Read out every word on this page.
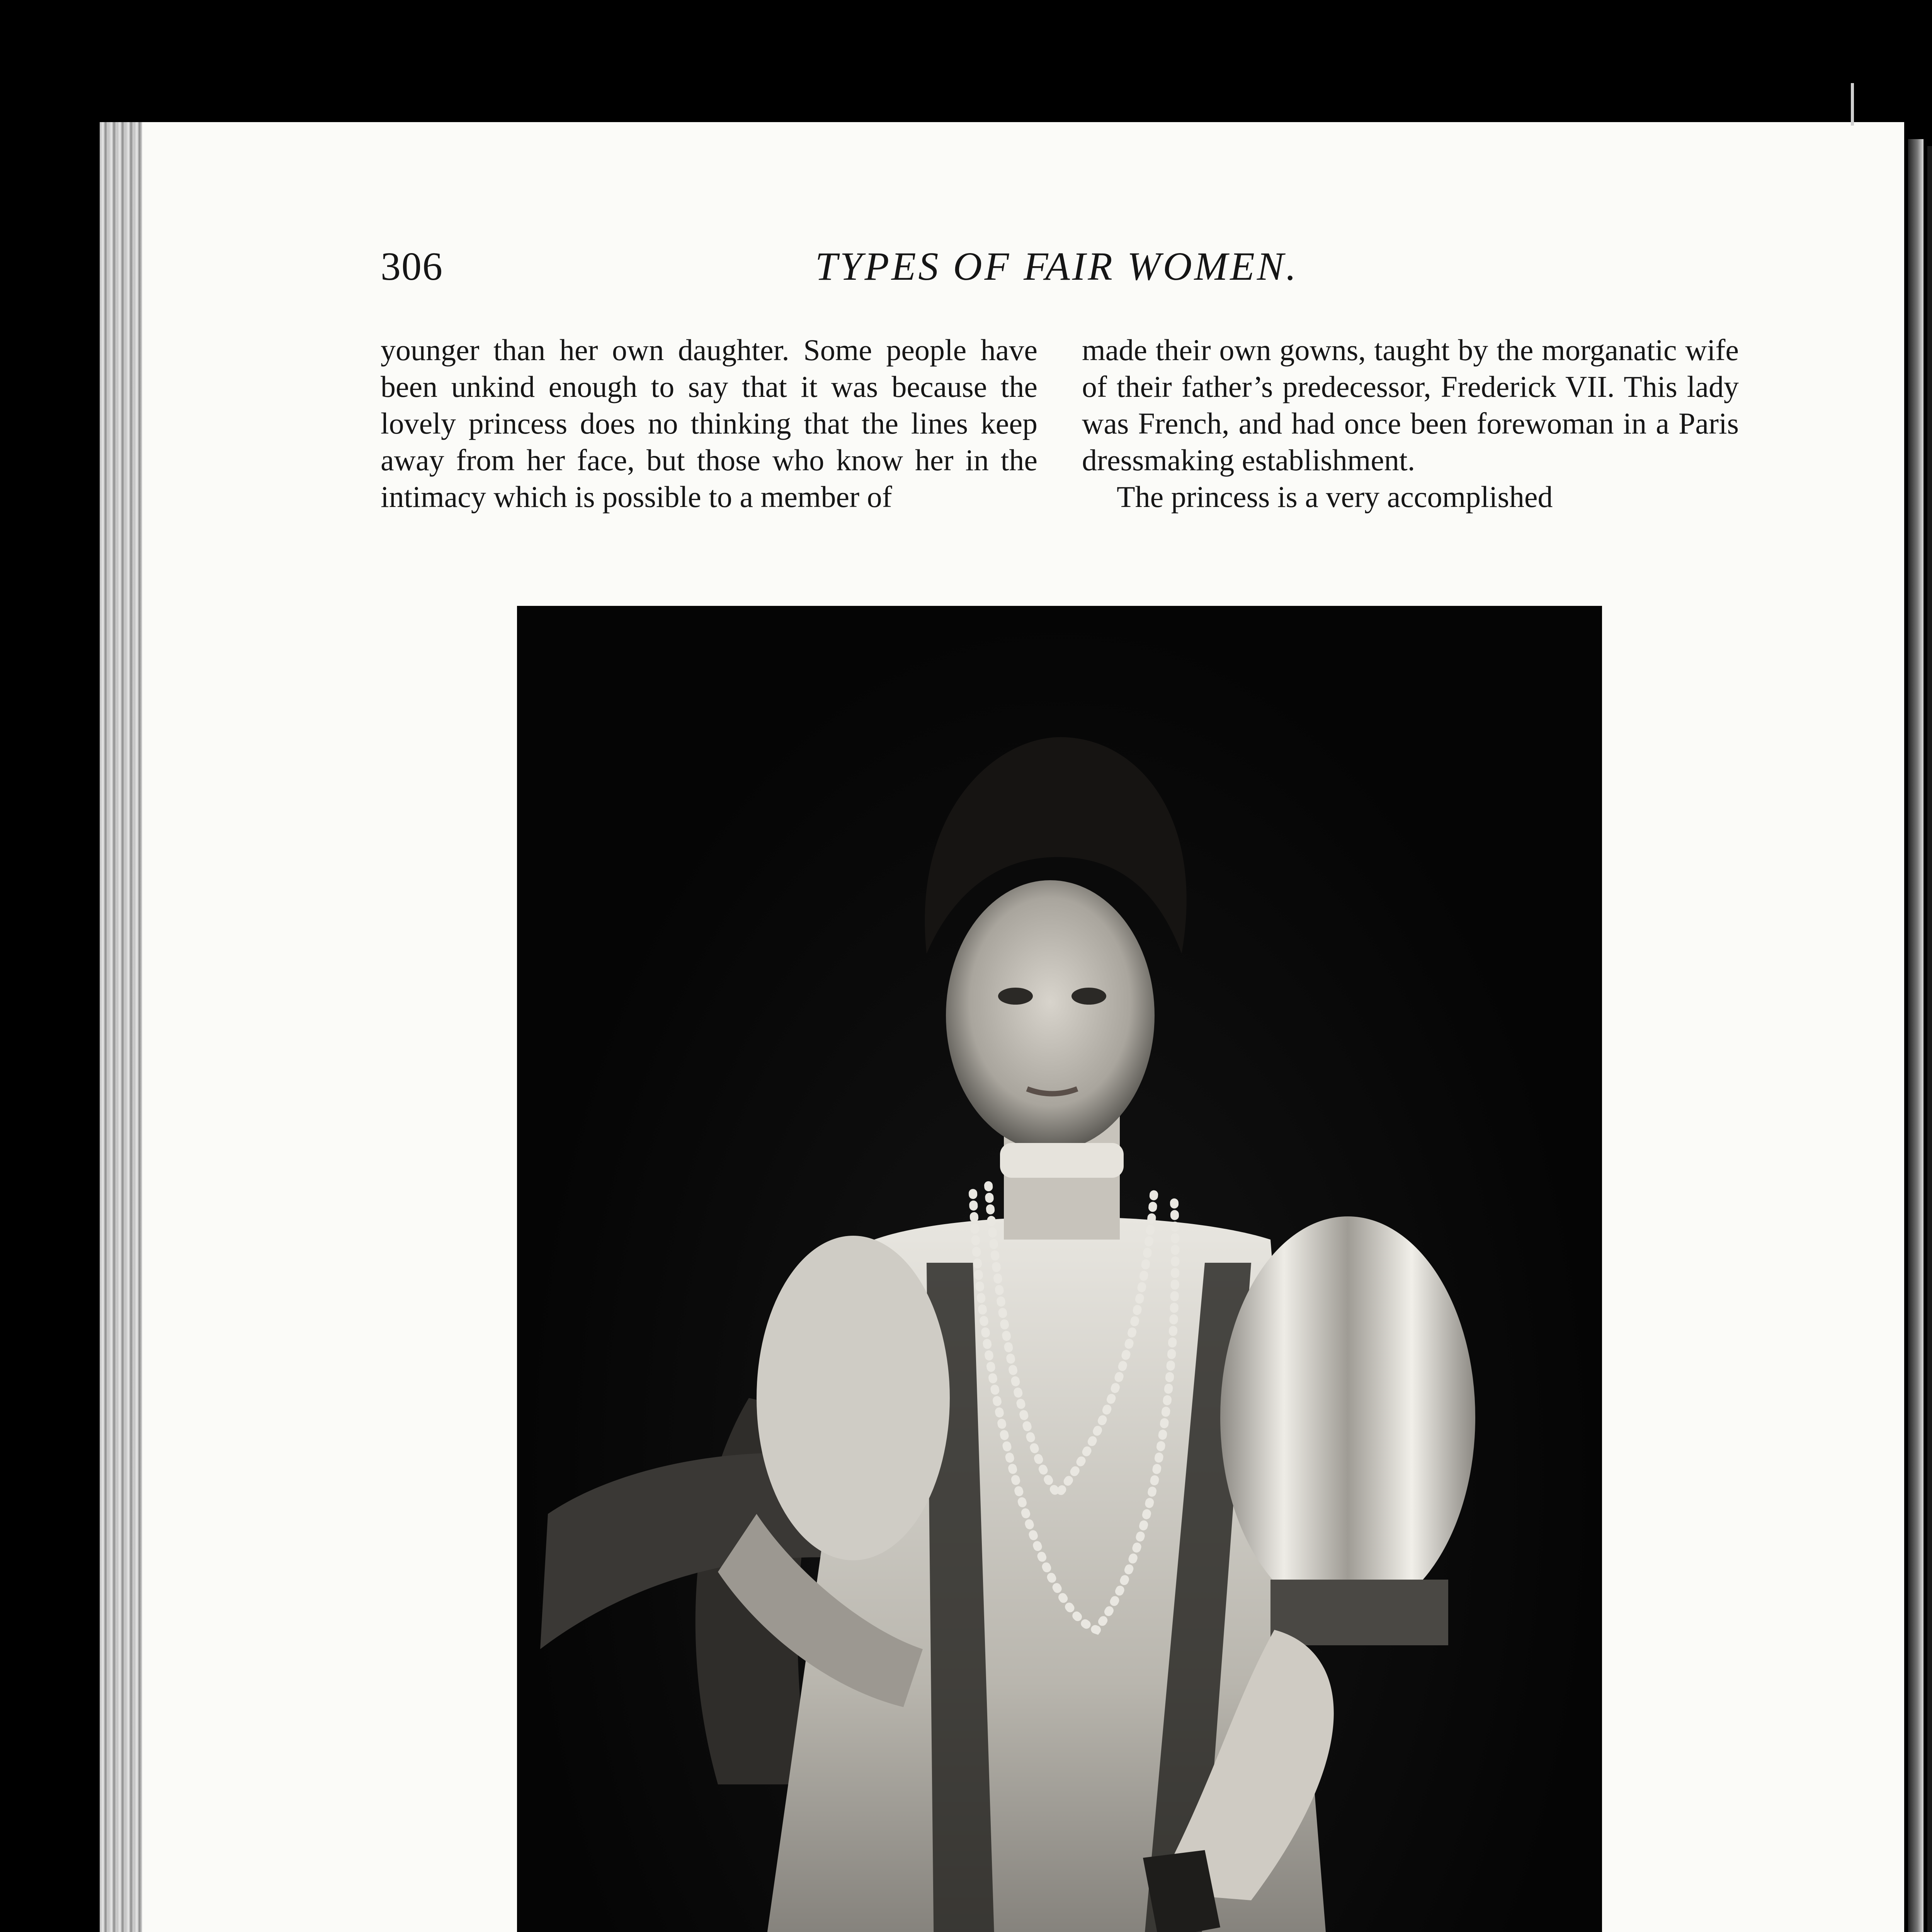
306	TYPES OF FAIR WOMEN.

younger than her own daughter. Some people have been unkind enough to say that it was because the lovely princess does no thinking that the lines keep away from her face, but those who know her in the intimacy which is possible to a member of

made their own gowns, taught by the morganatic wife of their father’s predecessor, Frederick VII. This lady was French, and had once been forewoman in a Paris dressmaking establishment.

The princess is a very accomplished
